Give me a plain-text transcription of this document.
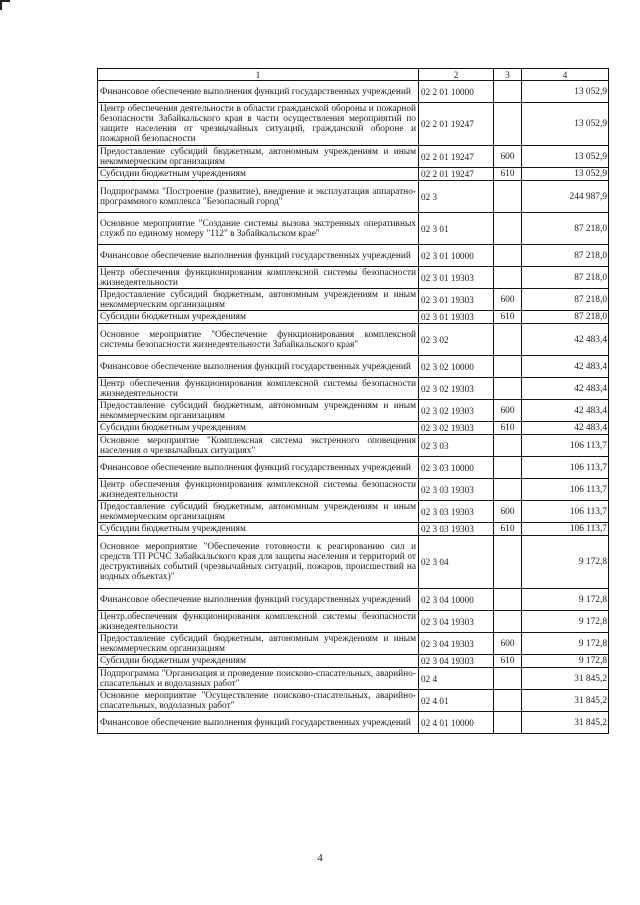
1	2	3	4
Финансовое обеспечение выполнения функций государственных учреждений	02 2 01 10000		13 052,9
Центр обеспечения деятельности в области гражданской обороны и пожарной безопасности Забайкальского края в части осуществления мероприятий по защите населения от чрезвычайных ситуаций, гражданской обороне и пожарной безопасности	02 2 01 19247		13 052,9
Предоставление субсидий бюджетным, автономным учреждениям и иным некоммерческим организациям	02 2 01 19247	600	13 052,9
Субсидии бюджетным учреждениям	02 2 01 19247	610	13 052,9
Подпрограмма "Построение (развитие), внедрение и эксплуатация аппаратно-программного комплекса "Безопасный город"	02 3		244 987,9
Основное мероприятие "Создание системы вызова экстренных оперативных служб по единому номеру "112" в Забайкальском крае"	02 3 01		87 218,0
Финансовое обеспечение выполнения функций государственных учреждений	02 3 01 10000		87 218,0
Центр обеспечения функционирования комплексной системы безопасности жизнедеятельности	02 3 01 19303		87 218,0
Предоставление субсидий бюджетным, автономным учреждениям и иным некоммерческим организациям	02 3 01 19303	600	87 218,0
Субсидии бюджетным учреждениям	02 3 01 19303	610	87 218,0
Основное мероприятие "Обеспечение функционирования комплексной системы безопасности жизнедеятельности Забайкальского края"	02 3 02		42 483,4
Финансовое обеспечение выполнения функций государственных учреждений	02 3 02 10000		42 483,4
Центр обеспечения функционирования комплексной системы безопасности жизнедеятельности	02 3 02 19303		42 483,4
Предоставление субсидий бюджетным, автономным учреждениям и иным некоммерческим организациям	02 3 02 19303	600	42 483,4
Субсидии бюджетным учреждениям	02 3 02 19303	610	42 483,4
Основное мероприятие "Комплексная система экстренного оповещения населения о чрезвычайных ситуациях"	02 3 03		106 113,7
Финансовое обеспечение выполнения функций государственных учреждений	02 3 03 10000		106 113,7
Центр обеспечения функционирования комплексной системы безопасности жизнедеятельности	02 3 03 19303		106 113,7
Предоставление субсидий бюджетным, автономным учреждениям и иным некоммерческим организациям	02 3 03 19303	600	106 113,7
Субсидии бюджетным учреждениям	02 3 03 19303	610	106 113,7
Основное мероприятие "Обеспечение готовности к реагированию сил и средств ТП РСЧС Забайкальского края для защиты населения и территорий от деструктивных событий (чрезвычайных ситуаций, пожаров, происшествий на водных объектах)"	02 3 04		9 172,8
Финансовое обеспечение выполнения функций государственных учреждений	02 3 04 10000		9 172,8
Центр.обеспечения функционирования комплексной системы безопасности жизнедеятельности	02 3 04 19303		9 172,8
Предоставление субсидий бюджетным, автономным учреждениям и иным некоммерческим организациям	02 3 04 19303	600	9 172,8
Субсидии бюджетным учреждениям	02 3 04 19303	610	9 172,8
Подпрограмма "Организация и проведение поисково-спасательных, аварийно-спасательных и водолазных работ"	02 4		31 845,2
Основное мероприятие "Осуществление поисково-спасательных, аварийно-спасательных, водолазных работ"	02 4 01		31 845,2
Финансовое обеспечение выполнения функций государственных учреждений	02 4 01 10000		31 845,2
4
